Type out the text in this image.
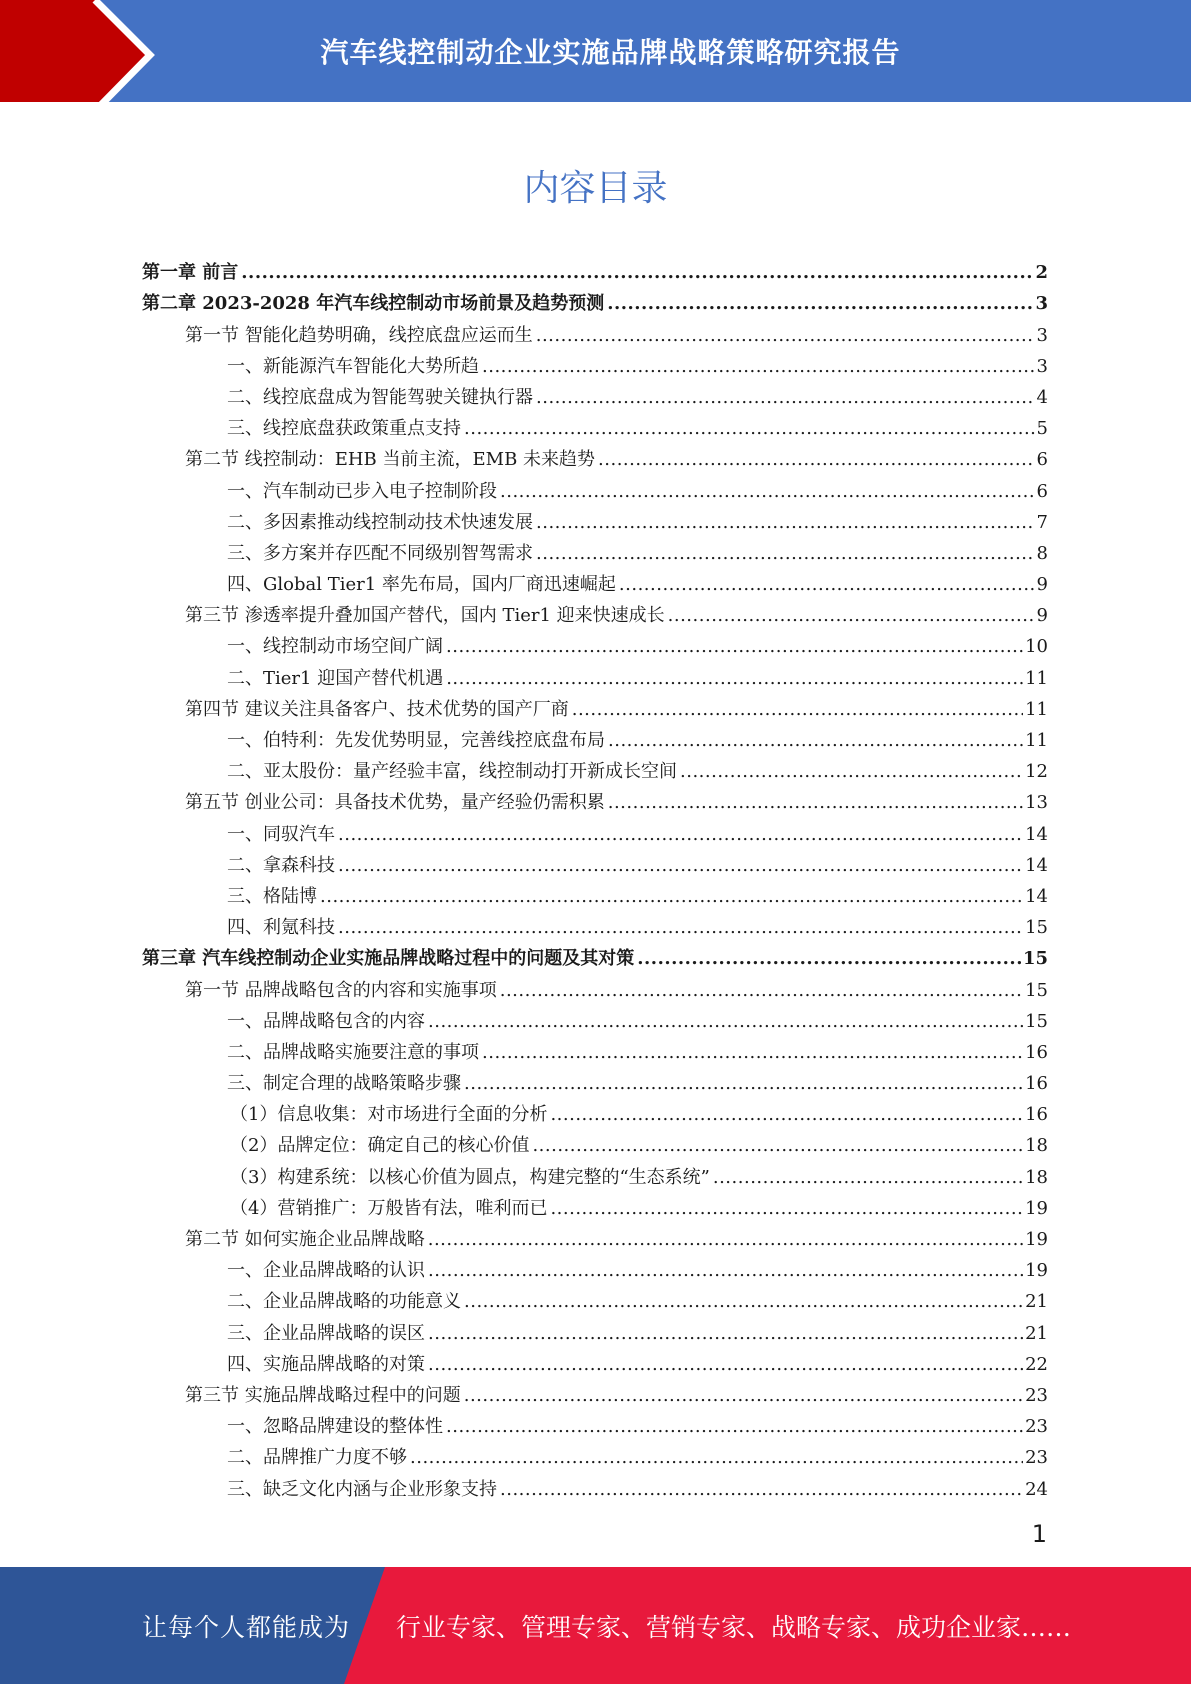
汽车线控制动企业实施品牌战略策略研究报告
内容目录
第一章 前言 .....	2
第二章 2023-2028 年汽车线控制动市场前景及趋势预测 .....	3
第一节 智能化趋势明确，线控底盘应运而生 .....	3
一、新能源汽车智能化大势所趋 .....	3
二、线控底盘成为智能驾驶关键执行器 .....	4
三、线控底盘获政策重点支持 .....	5
第二节 线控制动：EHB 当前主流，EMB 未来趋势 .....	6
一、汽车制动已步入电子控制阶段 .....	6
二、多因素推动线控制动技术快速发展 .....	7
三、多方案并存匹配不同级别智驾需求 .....	8
四、Global Tier1 率先布局，国内厂商迅速崛起 .....	9
第三节 渗透率提升叠加国产替代，国内 Tier1 迎来快速成长 .....	9
一、线控制动市场空间广阔 .....	10
二、Tier1 迎国产替代机遇 .....	11
第四节 建议关注具备客户、技术优势的国产厂商 .....	11
一、伯特利：先发优势明显，完善线控底盘布局 .....	11
二、亚太股份：量产经验丰富，线控制动打开新成长空间 .....	12
第五节 创业公司：具备技术优势，量产经验仍需积累 .....	13
一、同驭汽车 .....	14
二、拿森科技 .....	14
三、格陆博 .....	14
四、利氪科技 .....	15
第三章 汽车线控制动企业实施品牌战略过程中的问题及其对策 .....	15
第一节 品牌战略包含的内容和实施事项 .....	15
一、品牌战略包含的内容 .....	15
二、品牌战略实施要注意的事项 .....	16
三、制定合理的战略策略步骤 .....	16
（1）信息收集：对市场进行全面的分析 .....	16
（2）品牌定位：确定自己的核心价值 .....	18
（3）构建系统：以核心价值为圆点，构建完整的“生态系统” .....	18
（4）营销推广：万般皆有法，唯利而已 .....	19
第二节 如何实施企业品牌战略 .....	19
一、企业品牌战略的认识 .....	19
二、企业品牌战略的功能意义 .....	21
三、企业品牌战略的误区 .....	21
四、实施品牌战略的对策 .....	22
第三节 实施品牌战略过程中的问题 .....	23
一、忽略品牌建设的整体性 .....	23
二、品牌推广力度不够 .....	23
三、缺乏文化内涵与企业形象支持 .....	24
1
让每个人都能成为 行业专家、管理专家、营销专家、战略专家、成功企业家……
